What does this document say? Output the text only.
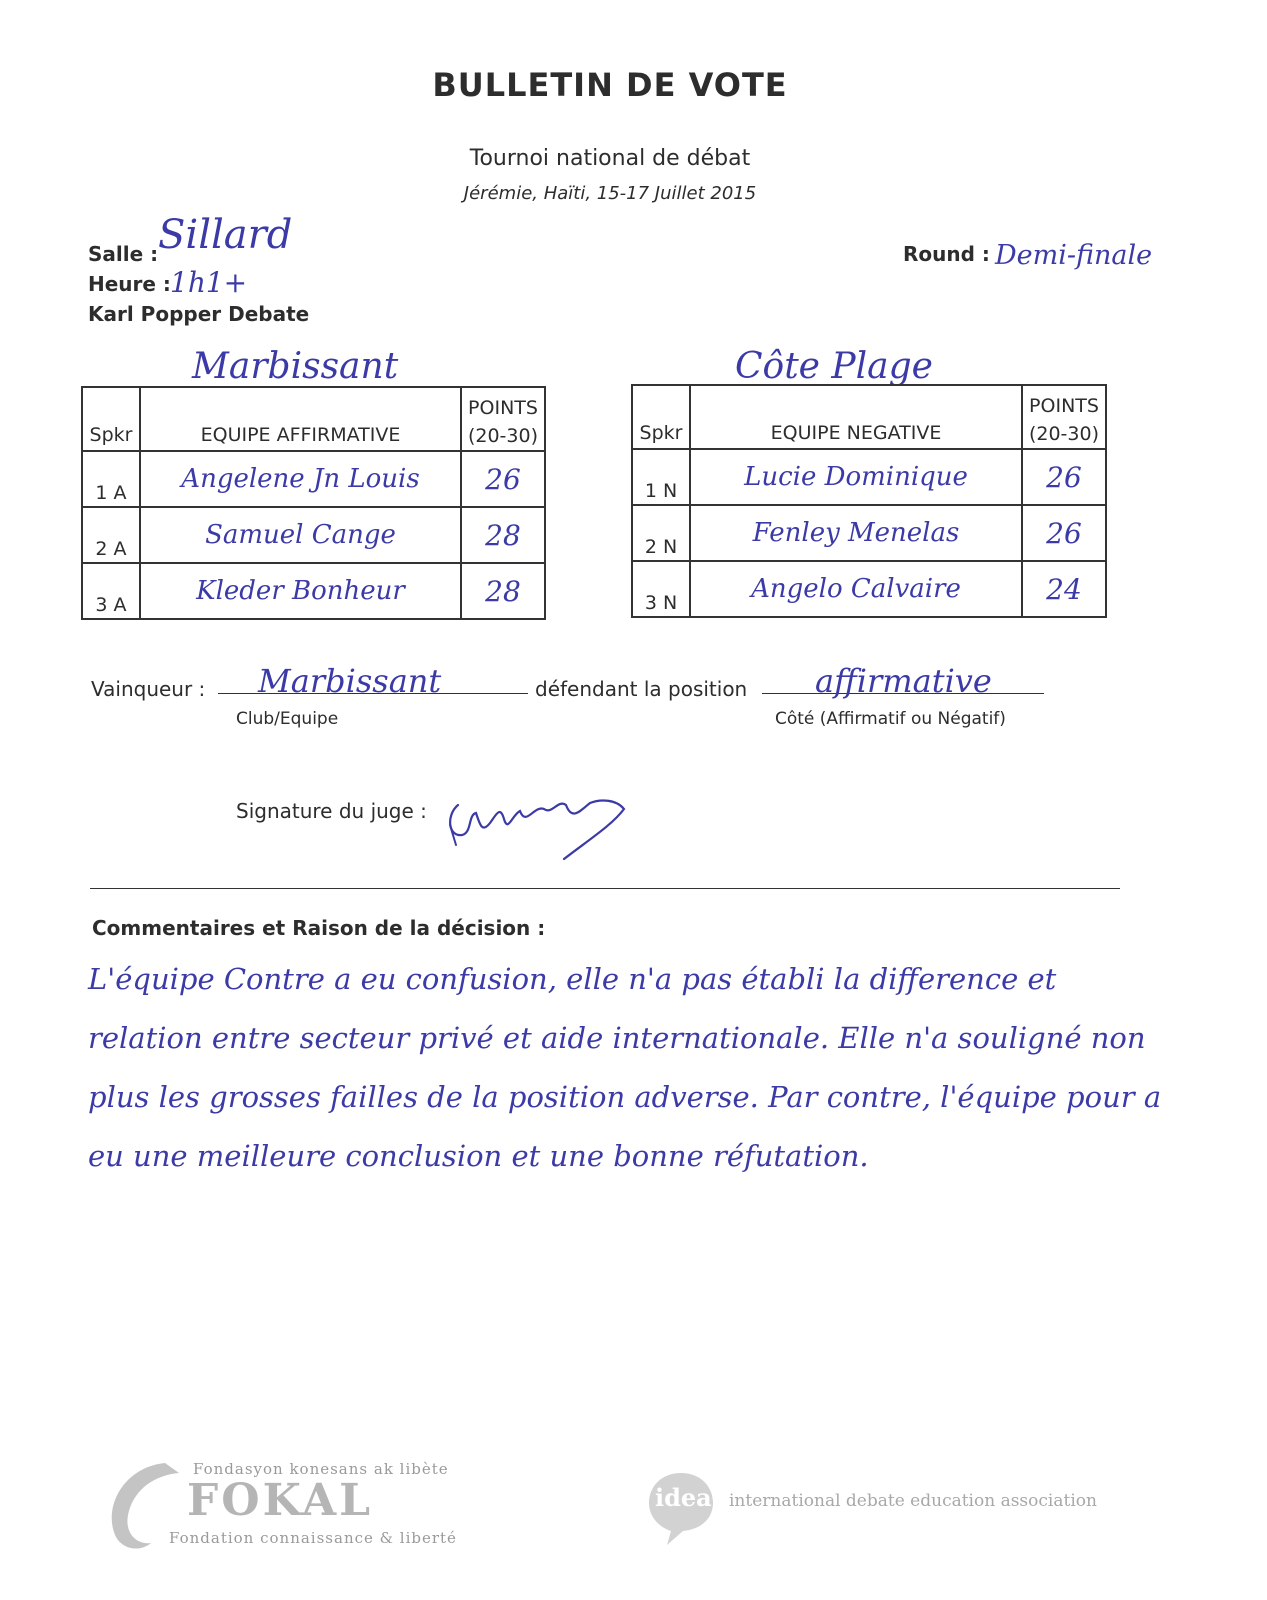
BULLETIN DE VOTE
Tournoi national de débat
Jérémie, Haïti, 15-17 Juillet 2015
Salle : Sillard
Heure : 1h1+
Karl Popper Debate
Round : Demi-finale
Marbissant	Côte Plage
Spkr	EQUIPE AFFIRMATIVE	POINTS
(20-30)
1 A	Angelene Jn Louis	26
2 A	Samuel Cange	28
3 A	Kleder Bonheur	28
Spkr	EQUIPE NEGATIVE	POINTS
(20-30)
1 N	Lucie Dominique	26
2 N	Fenley Menelas	26
3 N	Angelo Calvaire	24
Vainqueur : Marbissant
Club/Equipe
défendant la position affirmative
Côté (Affirmatif ou Négatif)
Signature du juge :
Commentaires et Raison de la décision :
L'équipe Contre a eu confusion, elle n'a pas établi la difference et relation entre secteur privé et aide internationale. Elle n'a souligné non plus les grosses failles de la position adverse. Par contre, l'équipe pour a eu une meilleure conclusion et une bonne réfutation.
Fondasyon konesans ak libète
FOKAL
Fondation connaissance & liberté
idea international debate education association
